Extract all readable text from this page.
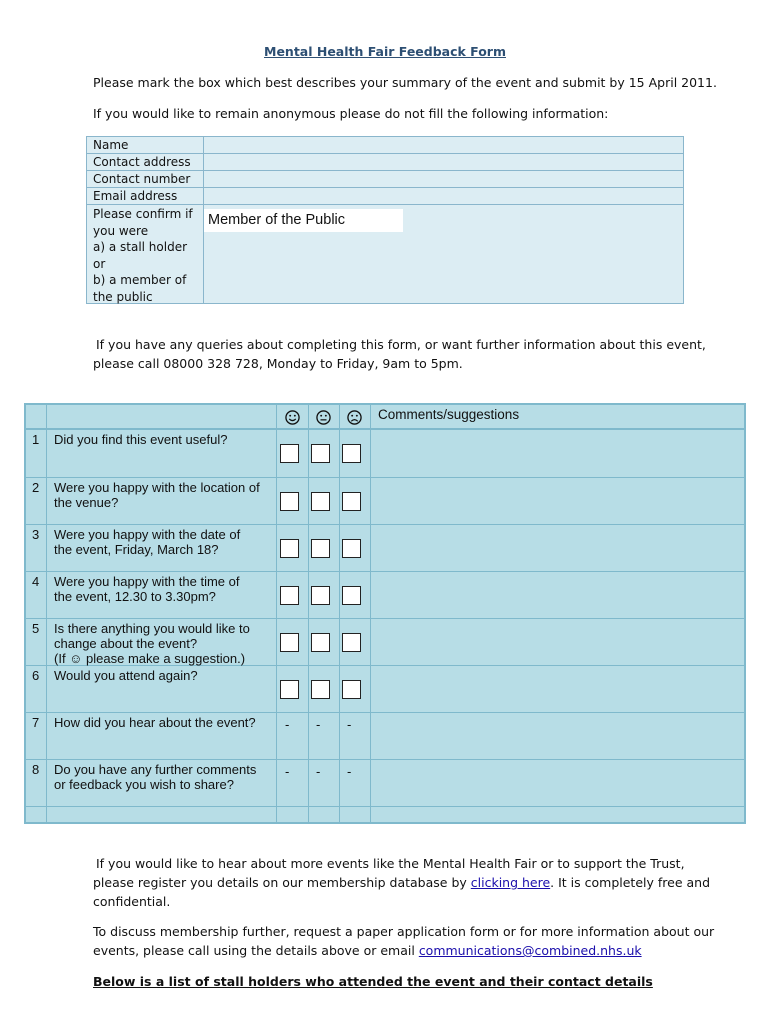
Mental Health Fair Feedback Form
Please mark the box which best describes your summary of the event and submit by 15 April 2011.
If you would like to remain anonymous please do not fill the following information:
Name
Contact address
Contact number
Email address
Please confirm if
you were
a) a stall holder
or
b) a member of
the public
Member of the Public
If you have any queries about completing this form, or want further information about this event,
please call 08000 328 728, Monday to Friday, 9am to 5pm.
Comments/suggestions
1 Did you find this event useful?
2 Were you happy with the location of
the venue?
3 Were you happy with the date of
the event, Friday, March 18?
4 Were you happy with the time of
the event, 12.30 to 3.30pm?
5 Is there anything you would like to
change about the event?
(If ☺ please make a suggestion.)
6 Would you attend again?
7 How did you hear about the event? - - -
8 Do you have any further comments
or feedback you wish to share?
- - -
If you would like to hear about more events like the Mental Health Fair or to support the Trust,
please register you details on our membership database by clicking here. It is completely free and
confidential.
To discuss membership further, request a paper application form or for more information about our
events, please call using the details above or email communications@combined.nhs.uk
Below is a list of stall holders who attended the event and their contact details
